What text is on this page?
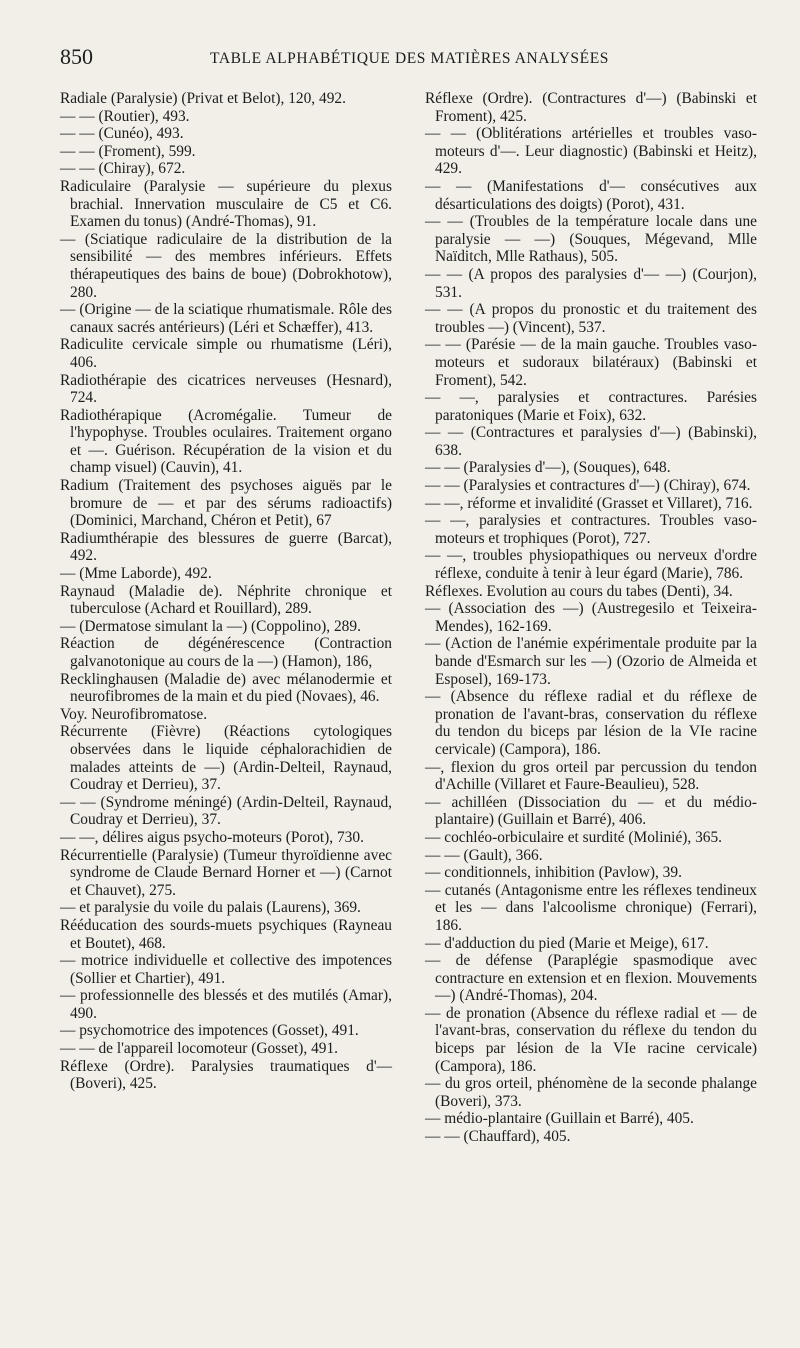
850	TABLE ALPHABÉTIQUE DES MATIÈRES ANALYSÉES

Radiale (Paralysie) (Privat et Belot), 120, 492.

— — (Routier), 493.

— — (Cunéo), 493.

— — (Froment), 599.

— — (Chiray), 672.

Radiculaire (Paralysie — supérieure du plexus brachial. Innervation musculaire de C5 et C6. Examen du tonus) (André-Thomas), 91.

— (Sciatique radiculaire de la distribution de la sensibilité — des membres inférieurs. Effets thérapeutiques des bains de boue) (Dobrokhotow), 280.

— (Origine — de la sciatique rhumatismale. Rôle des canaux sacrés antérieurs) (Léri et Schæffer), 413.

Radiculite cervicale simple ou rhumatisme (Léri), 406.

Radiothérapie des cicatrices nerveuses (Hesnard), 724.

Radiothérapique (Acromégalie. Tumeur de l'hypophyse. Troubles oculaires. Traitement organo et —. Guérison. Récupération de la vision et du champ visuel) (Cauvin), 41.

Radium (Traitement des psychoses aiguës par le bromure de — et par des sérums radioactifs) (Dominici, Marchand, Chéron et Petit), 67

Radiumthérapie des blessures de guerre (Barcat), 492.

— (Mme Laborde), 492.

Raynaud (Maladie de). Néphrite chronique et tuberculose (Achard et Rouillard), 289.

— (Dermatose simulant la —) (Coppolino), 289.

Réaction de dégénérescence (Contraction galvanotonique au cours de la —) (Hamon), 186,

Recklinghausen (Maladie de) avec mélanodermie et neurofibromes de la main et du pied (Novaes), 46.

Voy. Neurofibromatose.

Récurrente (Fièvre) (Réactions cytologiques observées dans le liquide céphalorachidien de malades atteints de —) (Ardin-Delteil, Raynaud, Coudray et Derrieu), 37.

— — (Syndrome méningé) (Ardin-Delteil, Raynaud, Coudray et Derrieu), 37.

— —, délires aigus psycho-moteurs (Porot), 730.

Récurrentielle (Paralysie) (Tumeur thyroïdienne avec syndrome de Claude Bernard Horner et —) (Carnot et Chauvet), 275.

— et paralysie du voile du palais (Laurens), 369.

Rééducation des sourds-muets psychiques (Rayneau et Boutet), 468.

— motrice individuelle et collective des impotences (Sollier et Chartier), 491.

— professionnelle des blessés et des mutilés (Amar), 490.

— psychomotrice des impotences (Gosset), 491.

— — de l'appareil locomoteur (Gosset), 491.

Réflexe (Ordre). Paralysies traumatiques d'— (Boveri), 425.

Réflexe (Ordre). (Contractures d'—) (Babinski et Froment), 425.

— — (Oblitérations artérielles et troubles vaso-moteurs d'—. Leur diagnostic) (Babinski et Heitz), 429.

— — (Manifestations d'— consécutives aux désarticulations des doigts) (Porot), 431.

— — (Troubles de la température locale dans une paralysie — —) (Souques, Mégevand, Mlle Naïditch, Mlle Rathaus), 505.

— — (A propos des paralysies d'— —) (Courjon), 531.

— — (A propos du pronostic et du traitement des troubles —) (Vincent), 537.

— — (Parésie — de la main gauche. Troubles vaso-moteurs et sudoraux bilatéraux) (Babinski et Froment), 542.

— —, paralysies et contractures. Parésies paratoniques (Marie et Foix), 632.

— — (Contractures et paralysies d'—) (Babinski), 638.

— — (Paralysies d'—), (Souques), 648.

— — (Paralysies et contractures d'—) (Chiray), 674.

— —, réforme et invalidité (Grasset et Villaret), 716.

— —, paralysies et contractures. Troubles vaso-moteurs et trophiques (Porot), 727.

— —, troubles physiopathiques ou nerveux d'ordre réflexe, conduite à tenir à leur égard (Marie), 786.

Réflexes. Evolution au cours du tabes (Denti), 34.

— (Association des —) (Austregesilo et Teixeira-Mendes), 162-169.

— (Action de l'anémie expérimentale produite par la bande d'Esmarch sur les —) (Ozorio de Almeida et Esposel), 169-173.

— (Absence du réflexe radial et du réflexe de pronation de l'avant-bras, conservation du réflexe du tendon du biceps par lésion de la VIe racine cervicale) (Campora), 186.

—, flexion du gros orteil par percussion du tendon d'Achille (Villaret et Faure-Beaulieu), 528.

— achilléen (Dissociation du — et du médio-plantaire) (Guillain et Barré), 406.

— cochléo-orbiculaire et surdité (Molinié), 365.

— — (Gault), 366.

— conditionnels, inhibition (Pavlow), 39.

— cutanés (Antagonisme entre les réflexes tendineux et les — dans l'alcoolisme chronique) (Ferrari), 186.

— d'adduction du pied (Marie et Meige), 617.

— de défense (Paraplégie spasmodique avec contracture en extension et en flexion. Mouvements —) (André-Thomas), 204.

— de pronation (Absence du réflexe radial et — de l'avant-bras, conservation du réflexe du tendon du biceps par lésion de la VIe racine cervicale) (Campora), 186.

— du gros orteil, phénomène de la seconde phalange (Boveri), 373.

— médio-plantaire (Guillain et Barré), 405.

— — (Chauffard), 405.
